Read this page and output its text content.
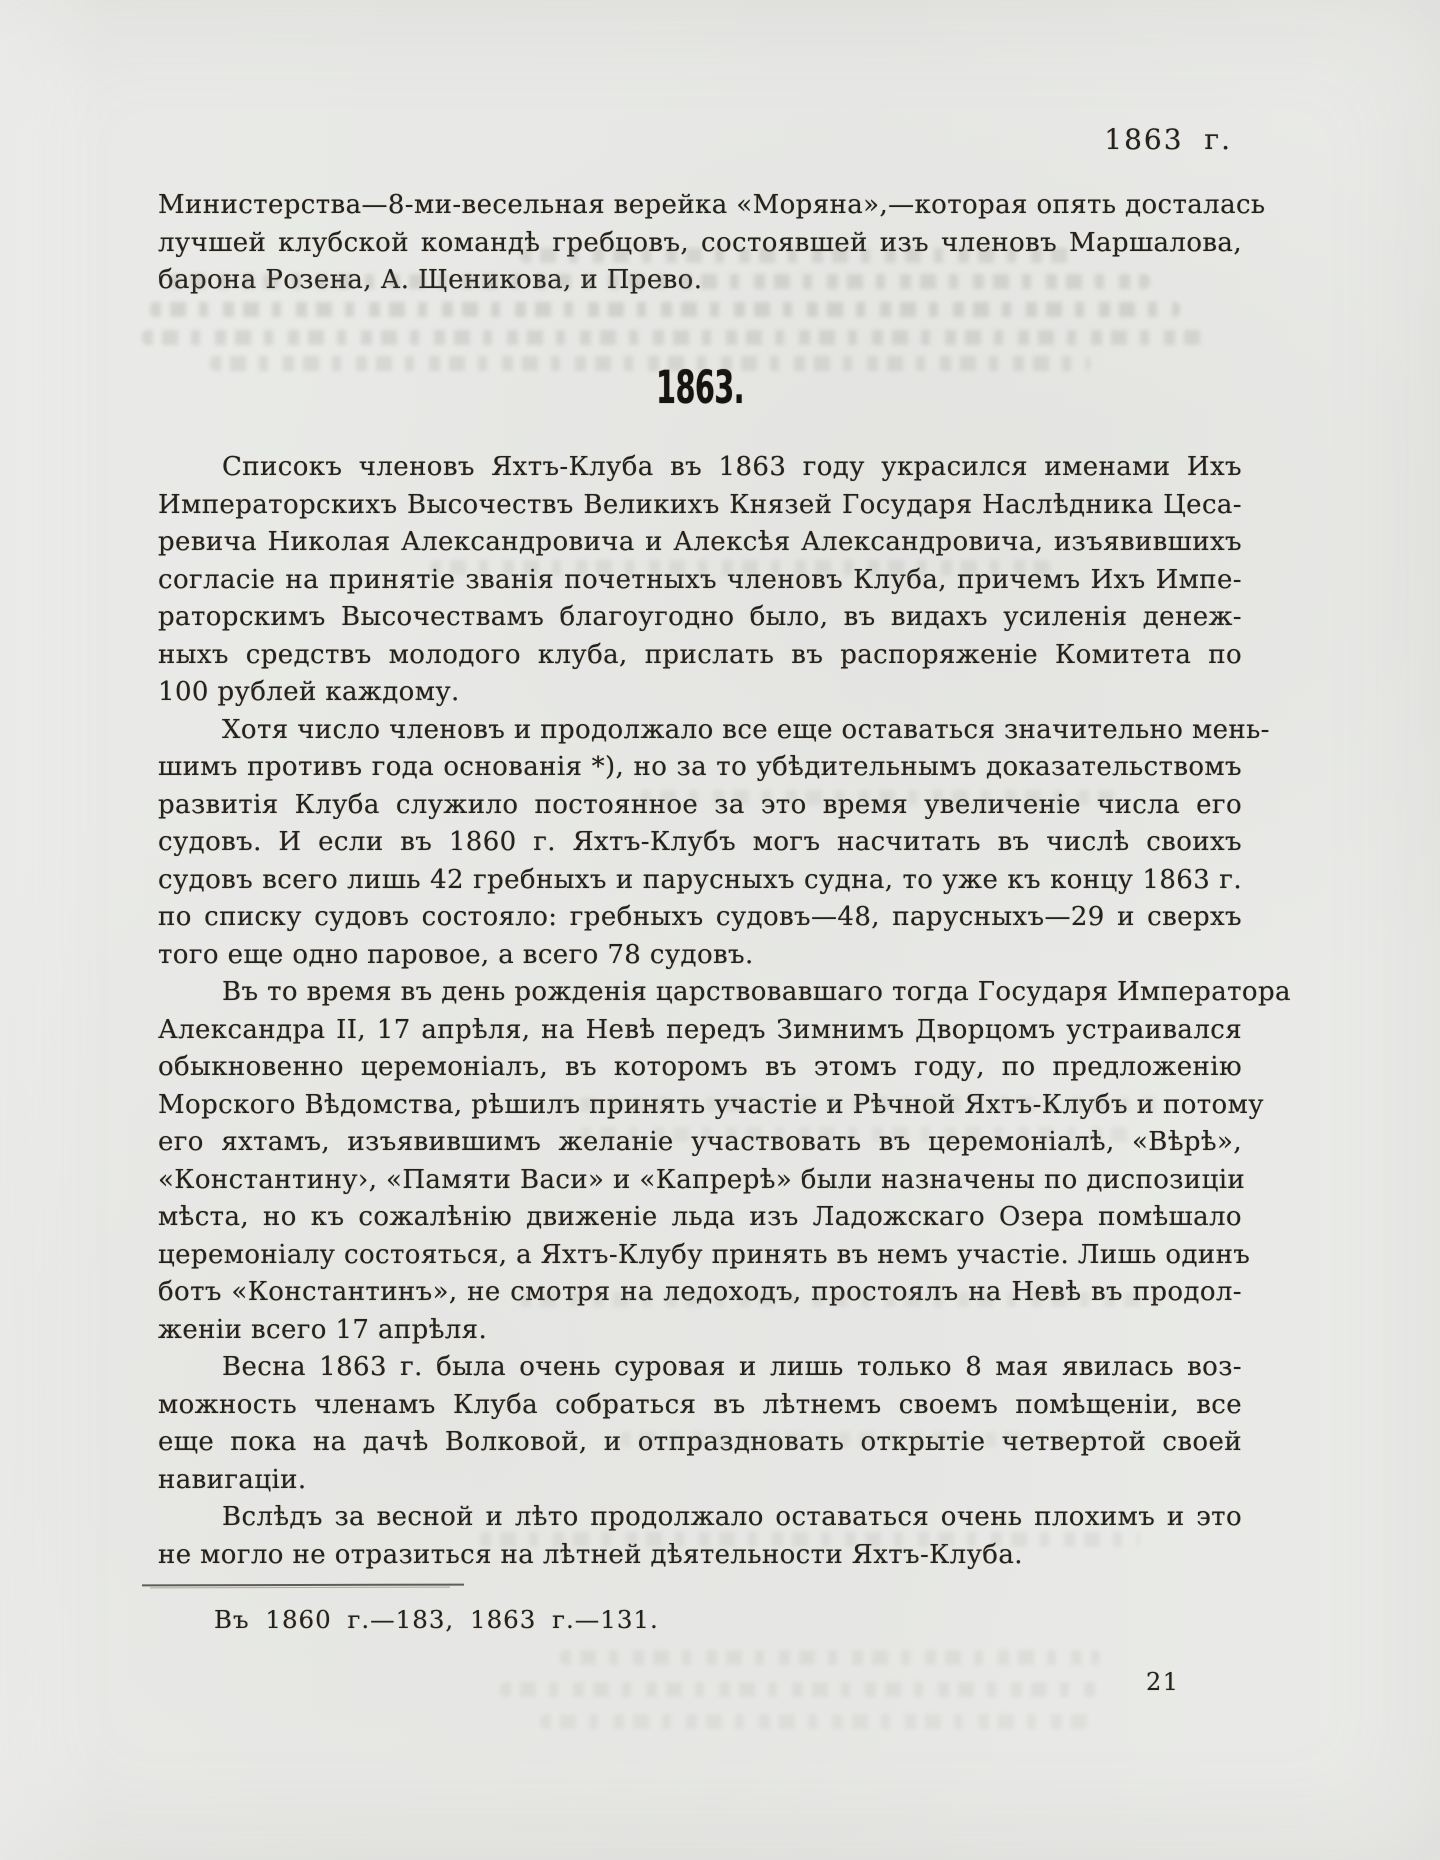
1863 г.
Министерства—8-ми-весельная верейка «Моряна»,—которая опять досталась
лучшей клубской командѣ гребцовъ, состоявшей изъ членовъ Маршалова,
барона Розена, А. Щеникова, и Прево.
1863.
Списокъ членовъ Яхтъ-Клуба въ 1863 году украсился именами Ихъ
Императорскихъ Высочествъ Великихъ Князей Государя Наслѣдника Цеса-
ревича Николая Александровича и Алексѣя Александровича, изъявившихъ
согласіе на принятіе званія почетныхъ членовъ Клуба, причемъ Ихъ Импе-
раторскимъ Высочествамъ благоугодно было, въ видахъ усиленія денеж-
ныхъ средствъ молодого клуба, прислать въ распоряженіе Комитета по
100 рублей каждому.
Хотя число членовъ и продолжало все еще оставаться значительно мень-
шимъ противъ года основанія *), но за то убѣдительнымъ доказательствомъ
развитія Клуба служило постоянное за это время увеличеніе числа его
судовъ. И если въ 1860 г. Яхтъ-Клубъ могъ насчитать въ числѣ своихъ
судовъ всего лишь 42 гребныхъ и парусныхъ судна, то уже къ концу 1863 г.
по списку судовъ состояло: гребныхъ судовъ—48, парусныхъ—29 и сверхъ
того еще одно паровое, а всего 78 судовъ.
Въ то время въ день рожденія царствовавшаго тогда Государя Императора
Александра II, 17 апрѣля, на Невѣ передъ Зимнимъ Дворцомъ устраивался
обыкновенно церемоніалъ, въ которомъ въ этомъ году, по предложенію
Морского Вѣдомства, рѣшилъ принять участіе и Рѣчной Яхтъ-Клубъ и потому
его яхтамъ, изъявившимъ желаніе участвовать въ церемоніалѣ, «Вѣрѣ»,
«Константину›, «Памяти Васи» и «Капрерѣ» были назначены по диспозиціи
мѣста, но къ сожалѣнію движеніе льда изъ Ладожскаго Озера помѣшало
церемоніалу состояться, а Яхтъ-Клубу принять въ немъ участіе. Лишь одинъ
ботъ «Константинъ», не смотря на ледоходъ, простоялъ на Невѣ въ продол-
женіи всего 17 апрѣля.
Весна 1863 г. была очень суровая и лишь только 8 мая явилась воз-
можность членамъ Клуба собраться въ лѣтнемъ своемъ помѣщеніи, все
еще пока на дачѣ Волковой, и отпраздновать открытіе четвертой своей
навигаціи.
Вслѣдъ за весной и лѣто продолжало оставаться очень плохимъ и это
не могло не отразиться на лѣтней дѣятельности Яхтъ-Клуба.
Въ 1860 г.—183, 1863 г.—131.
21
